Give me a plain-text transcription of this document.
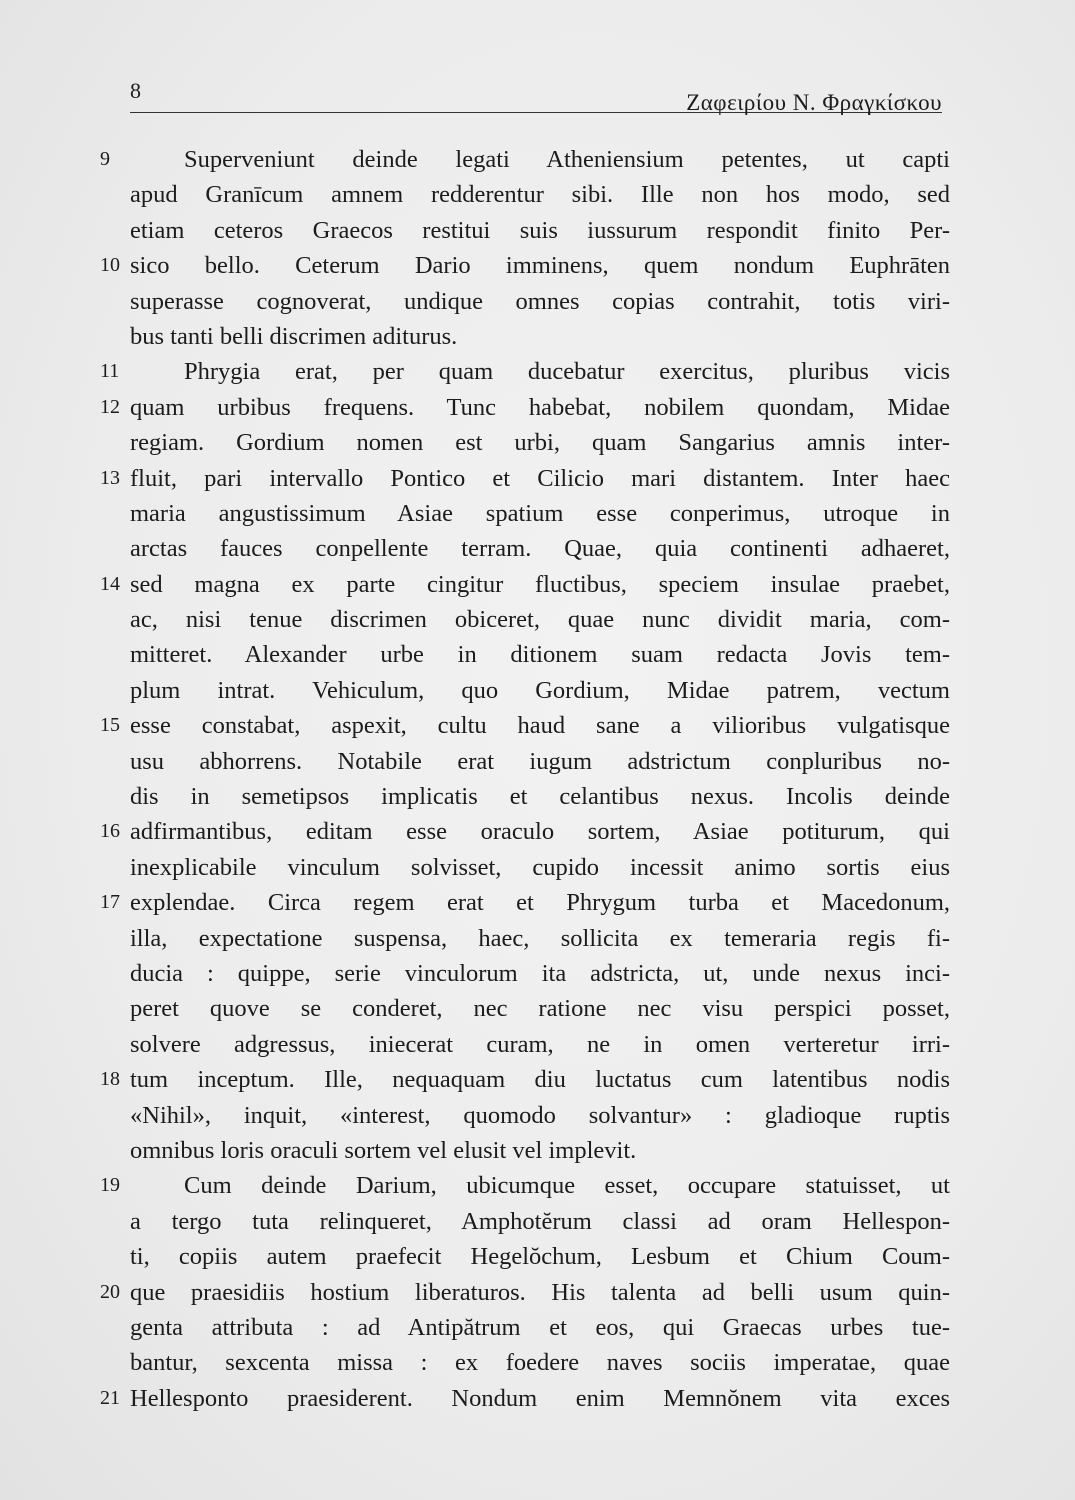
8	Ζαφειρίου Ν. Φραγκίσκου
9	Superveniunt deinde legati Atheniensium petentes, ut capti
apud Granīcum amnem redderentur sibi. Ille non hos modo, sed
etiam ceteros Graecos restitui suis iussurum respondit finito Per-
10 sico bello. Ceterum Dario imminens, quem nondum Euphrāten
superasse cognoverat, undique omnes copias contrahit, totis viri-
bus tanti belli discrimen aditurus.
11	Phrygia erat, per quam ducebatur exercitus, pluribus vicis
12 quam urbibus frequens. Tunc habebat, nobilem quondam, Midae
regiam. Gordium nomen est urbi, quam Sangarius amnis inter-
13 fluit, pari intervallo Pontico et Cilicio mari distantem. Inter haec
maria angustissimum Asiae spatium esse conperimus, utroque in
arctas fauces conpellente terram. Quae, quia continenti adhaeret,
14 sed magna ex parte cingitur fluctibus, speciem insulae praebet,
ac, nisi tenue discrimen obiceret, quae nunc dividit maria, com-
mitteret. Alexander urbe in ditionem suam redacta Jovis tem-
plum intrat. Vehiculum, quo Gordium, Midae patrem, vectum
15 esse constabat, aspexit, cultu haud sane a vilioribus vulgatisque
usu abhorrens. Notabile erat iugum adstrictum conpluribus no-
dis in semetipsos implicatis et celantibus nexus. Incolis deinde
16 adfirmantibus, editam esse oraculo sortem, Asiae potiturum, qui
inexplicabile vinculum solvisset, cupido incessit animo sortis eius
17 explendae. Circa regem erat et Phrygum turba et Macedonum,
illa, expectatione suspensa, haec, sollicita ex temeraria regis fi-
ducia : quippe, serie vinculorum ita adstricta, ut, unde nexus inci-
peret quove se conderet, nec ratione nec visu perspici posset,
solvere adgressus, iniecerat curam, ne in omen verteretur irri-
18 tum inceptum. Ille, nequaquam diu luctatus cum latentibus nodis
«Nihil», inquit, «interest, quomodo solvantur» : gladioque ruptis
omnibus loris oraculi sortem vel elusit vel implevit.
19	Cum deinde Darium, ubicumque esset, occupare statuisset, ut
a tergo tuta relinqueret, Amphotĕrum classi ad oram Hellespon-
ti, copiis autem praefecit Hegelŏchum, Lesbum et Chium Coum-
20 que praesidiis hostium liberaturos. His talenta ad belli usum quin-
genta attributa : ad Antipătrum et eos, qui Graecas urbes tue-
bantur, sexcenta missa : ex foedere naves sociis imperatae, quae
21 Hellesponto praesiderent. Nondum enim Memnŏnem vita exces
